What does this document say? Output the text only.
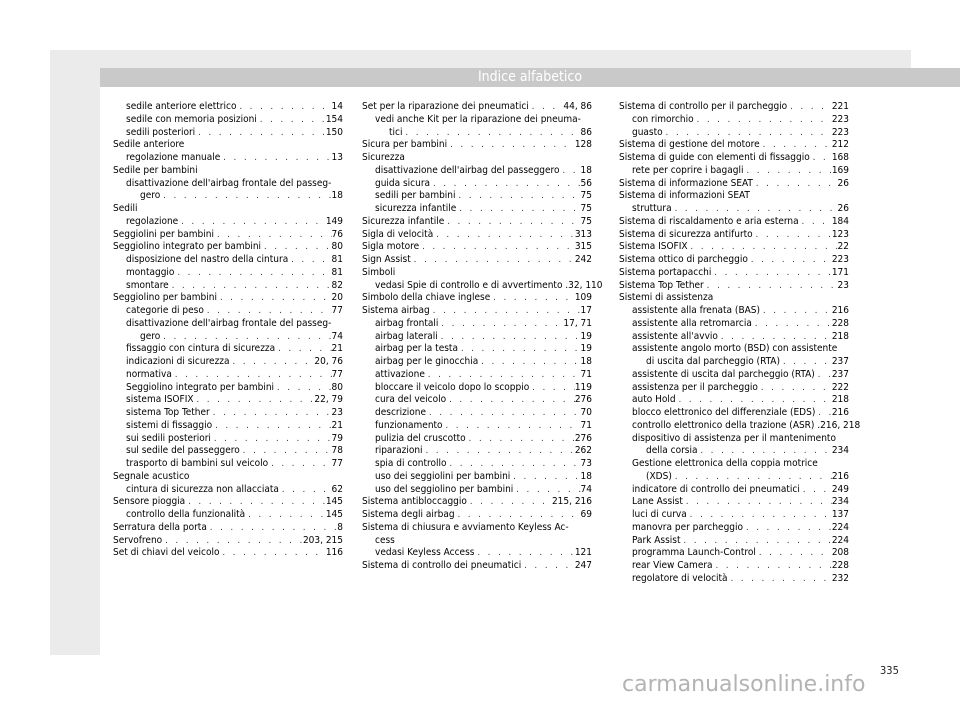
Indice alfabetico
sedile anteriore elettrico . . .	14
sedile con memoria posizioni . . .	154
sedili posteriori . . .	150
Sedile anteriore
regolazione manuale . . .	13
Sedile per bambini
disattivazione dell'airbag frontale del passeg-
gero . . .	18
Sedili
regolazione . . .	149
Seggiolini per bambini . . .	76
Seggiolino integrato per bambini . . .	80
disposizione del nastro della cintura . . .	81
montaggio . . .	81
smontare . . .	82
Seggiolino per bambini . . .	20
categorie di peso . . .	77
disattivazione dell'airbag frontale del passeg-
gero . . .	74
fissaggio con cintura di sicurezza . . .	21
indicazioni di sicurezza . . .	20, 76
normativa . . .	77
Seggiolino integrato per bambini . . .	80
sistema ISOFIX . . .	22, 79
sistema Top Tether . . .	23
sistemi di fissaggio . . .	21
sui sedili posteriori . . .	79
sul sedile del passeggero . . .	78
trasporto di bambini sul veicolo . . .	77
Segnale acustico
cintura di sicurezza non allacciata . . .	62
Sensore pioggia . . .	145
controllo della funzionalità . . .	145
Serratura della porta . . .	8
Servofreno . . .	203, 215
Set di chiavi del veicolo . . .	116
Set per la riparazione dei pneumatici . . .	44, 86
vedi anche Kit per la riparazione dei pneuma-
tici . . .	86
Sicura per bambini . . .	128
Sicurezza
disattivazione dell'airbag del passeggero . . . 18
guida sicura . . .	56
sedili per bambini . . .	75
sicurezza infantile . . .	75
Sicurezza infantile . . .	75
Sigla di velocità . . .	313
Sigla motore . . .	315
Sign Assist . . .	242
Simboli
vedasi Spie di controllo e di avvertimento .32, 110
Simbolo della chiave inglese . . .	109
Sistema airbag . . .	17
airbag frontali . . .	17, 71
airbag laterali . . .	19
airbag per la testa . . .	19
airbag per le ginocchia . . .	18
attivazione . . .	71
bloccare il veicolo dopo lo scoppio . . .	119
cura del veicolo . . .	276
descrizione . . .	70
funzionamento . . .	71
pulizia del cruscotto . . .	276
riparazioni . . .	262
spia di controllo . . .	73
uso dei seggiolini per bambini . . .	18
uso del seggiolino per bambini . . .	74
Sistema antibloccaggio . . .	215, 216
Sistema degli airbag . . .	69
Sistema di chiusura e avviamento Keyless Ac-
cess
vedasi Keyless Access . . .	121
Sistema di controllo dei pneumatici . . .	247
Sistema di controllo per il parcheggio . . .	221
con rimorchio . . .	223
guasto . . .	223
Sistema di gestione del motore . . .	212
Sistema di guide con elementi di fissaggio . . . 168
rete per coprire i bagagli . . .	169
Sistema di informazione SEAT . . .	26
Sistema di informazioni SEAT
struttura . . .	26
Sistema di riscaldamento e aria esterna . . .	184
Sistema di sicurezza antifurto . . .	123
Sistema ISOFIX . . .	22
Sistema ottico di parcheggio . . .	223
Sistema portapacchi . . .	171
Sistema Top Tether . . .	23
Sistemi di assistenza
assistente alla frenata (BAS) . . .	216
assistente alla retromarcia . . .	228
assistente all'avvio . . .	218
assistente angolo morto (BSD) con assistente
di uscita dal parcheggio (RTA) . . .	237
assistente di uscita dal parcheggio (RTA) . . . 237
assistenza per il parcheggio . . .	222
auto Hold . . .	218
blocco elettronico del differenziale (EDS) . . . 216
controllo elettronico della trazione (ASR) .216, 218
dispositivo di assistenza per il mantenimento
della corsia . . .	234
Gestione elettronica della coppia motrice
(XDS) . . .	216
indicatore di controllo dei pneumatici . . .	249
Lane Assist . . .	234
luci di curva . . .	137
manovra per parcheggio . . .	224
Park Assist . . .	224
programma Launch-Control . . .	208
rear View Camera . . .	228
regolatore di velocità . . .	232
335
carmanualsonline.info
